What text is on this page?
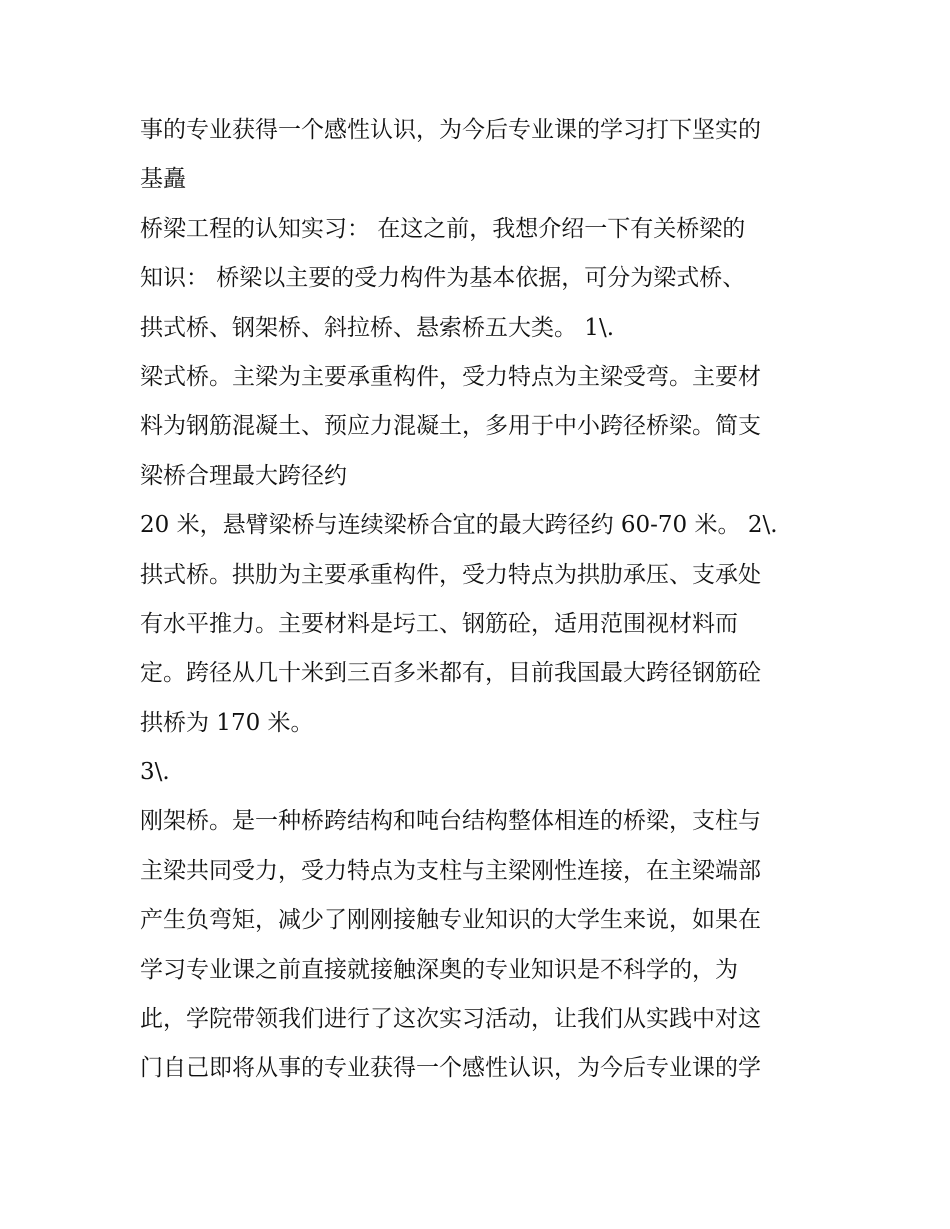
事的专业获得一个感性认识，为今后专业课的学习打下坚实的

基矗

桥梁工程的认知实习： 在这之前，我想介绍一下有关桥梁的

知识： 桥梁以主要的受力构件为基本依据，可分为梁式桥、

拱式桥、钢架桥、斜拉桥、悬索桥五大类。 1\.

梁式桥。主梁为主要承重构件，受力特点为主梁受弯。主要材

料为钢筋混凝土、预应力混凝土，多用于中小跨径桥梁。简支

梁桥合理最大跨径约

20 米，悬臂梁桥与连续梁桥合宜的最大跨径约 60-70 米。 2\.

拱式桥。拱肋为主要承重构件，受力特点为拱肋承压、支承处

有水平推力。主要材料是圬工、钢筋砼，适用范围视材料而

定。跨径从几十米到三百多米都有，目前我国最大跨径钢筋砼

拱桥为 170 米。

3\.

刚架桥。是一种桥跨结构和吨台结构整体相连的桥梁，支柱与

主梁共同受力，受力特点为支柱与主梁刚性连接，在主梁端部

产生负弯矩，减少了刚刚接触专业知识的大学生来说，如果在

学习专业课之前直接就接触深奥的专业知识是不科学的，为

此，学院带领我们进行了这次实习活动，让我们从实践中对这

门自己即将从事的专业获得一个感性认识，为今后专业课的学
